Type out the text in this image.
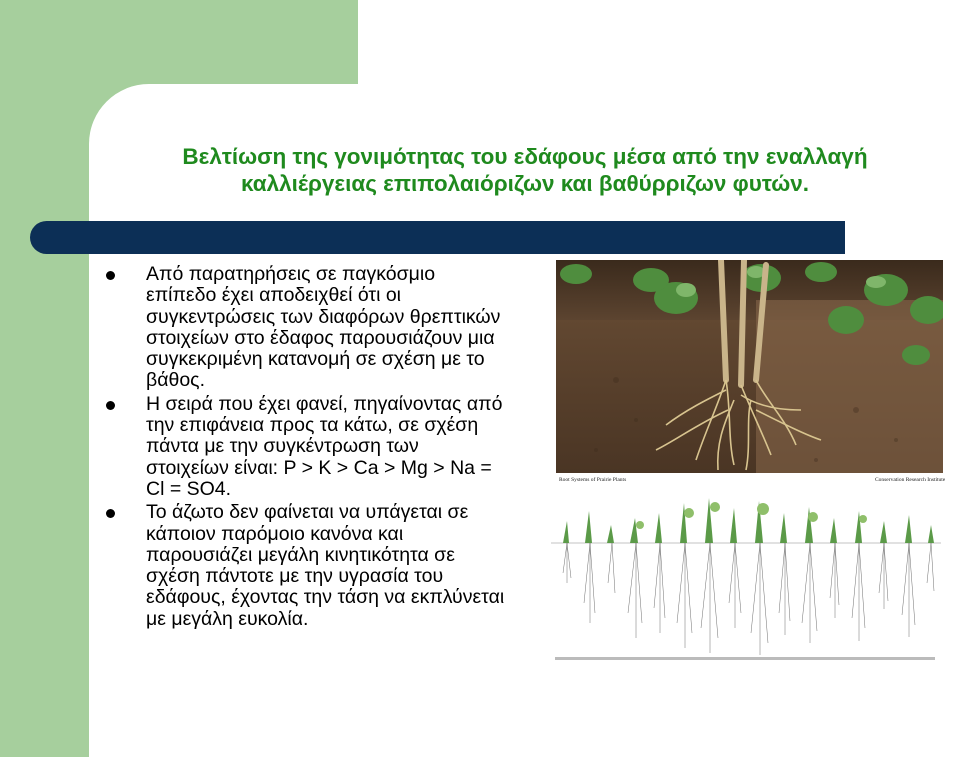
Βελτίωση της γονιμότητας του εδάφους μέσα από την εναλλαγή
καλλιέργειας επιπολαιόριζων και βαθύρριζων φυτών.
Από παρατηρήσεις σε παγκόσμιο επίπεδο έχει αποδειχθεί ότι οι συγκεντρώσεις των διαφόρων θρεπτικών στοιχείων στο έδαφος παρουσιάζουν μια συγκεκριμένη κατανομή σε σχέση με το βάθος.
Η σειρά που έχει φανεί, πηγαίνοντας από την επιφάνεια προς τα κάτω, σε σχέση πάντα με την συγκέντρωση των στοιχείων είναι: P > K > Ca > Mg > Na = Cl = SO4.
Το άζωτο δεν φαίνεται να υπάγεται σε κάποιον παρόμοιο κανόνα και παρουσιάζει μεγάλη κινητικότητα σε σχέση πάντοτε με την υγρασία του εδάφους, έχοντας την τάση να εκπλύνεται με μεγάλη ευκολία.
Root Systems of Prairie Plants	Conservation Research Institute
